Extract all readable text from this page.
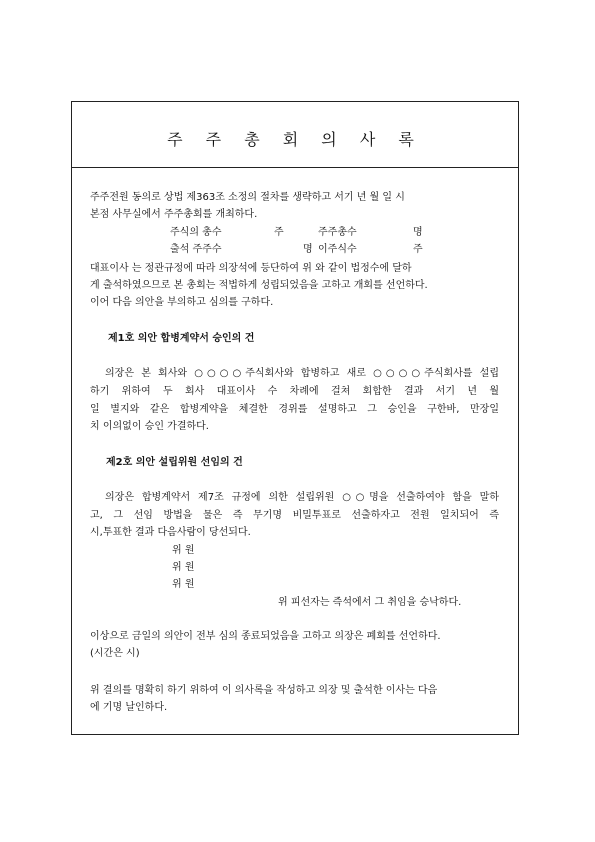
주 주 총 회 의 사 록
주주전원 동의로 상법 제363조 소정의 절차를 생략하고 서기 년 월 일 시
본점 사무실에서 주주총회를 개최하다.
주식의 총수	주	주주총수	명
출석 주주수	명 이주식수	주
대표이사 는 정관규정에 따라 의장석에 등단하여 위 와 같이 법정수에 달하
게 출석하였으므로 본 총회는 적법하게 성립되었음을 고하고 개회를 선언하다.
이어 다음 의안을 부의하고 심의를 구하다.
제1호 의안 합병계약서 승인의 건
의장은 본 회사와 ○○○○주식회사와 합병하고 새로 ○○○○주식회사를 설립
하기 위하여 두 회사 대표이사 수 차례에 걸쳐 회합한 결과 서기 년 월
일 별지와 같은 합병계약을 체결한 경위를 설명하고 그 승인을 구한바, 만장일
치 이의없이 승인 가결하다.
제2호 의안 설립위원 선임의 건
의장은 합병계약서 제7조 규정에 의한 설립위원 ○○명을 선출하여야 함을 말하
고, 그 선임 방법을 물은 즉 무기명 비밀투표로 선출하자고 전원 일치되어 즉
시,투표한 결과 다음사람이 당선되다.
위 원
위 원
위 원
위 피선자는 즉석에서 그 취임을 승낙하다.
이상으로 금일의 의안이 전부 심의 종료되었음을 고하고 의장은 폐회를 선언하다.
(시간은 시)
위 결의를 명확히 하기 위하여 이 의사록을 작성하고 의장 및 출석한 이사는 다음
에 기명 날인하다.
